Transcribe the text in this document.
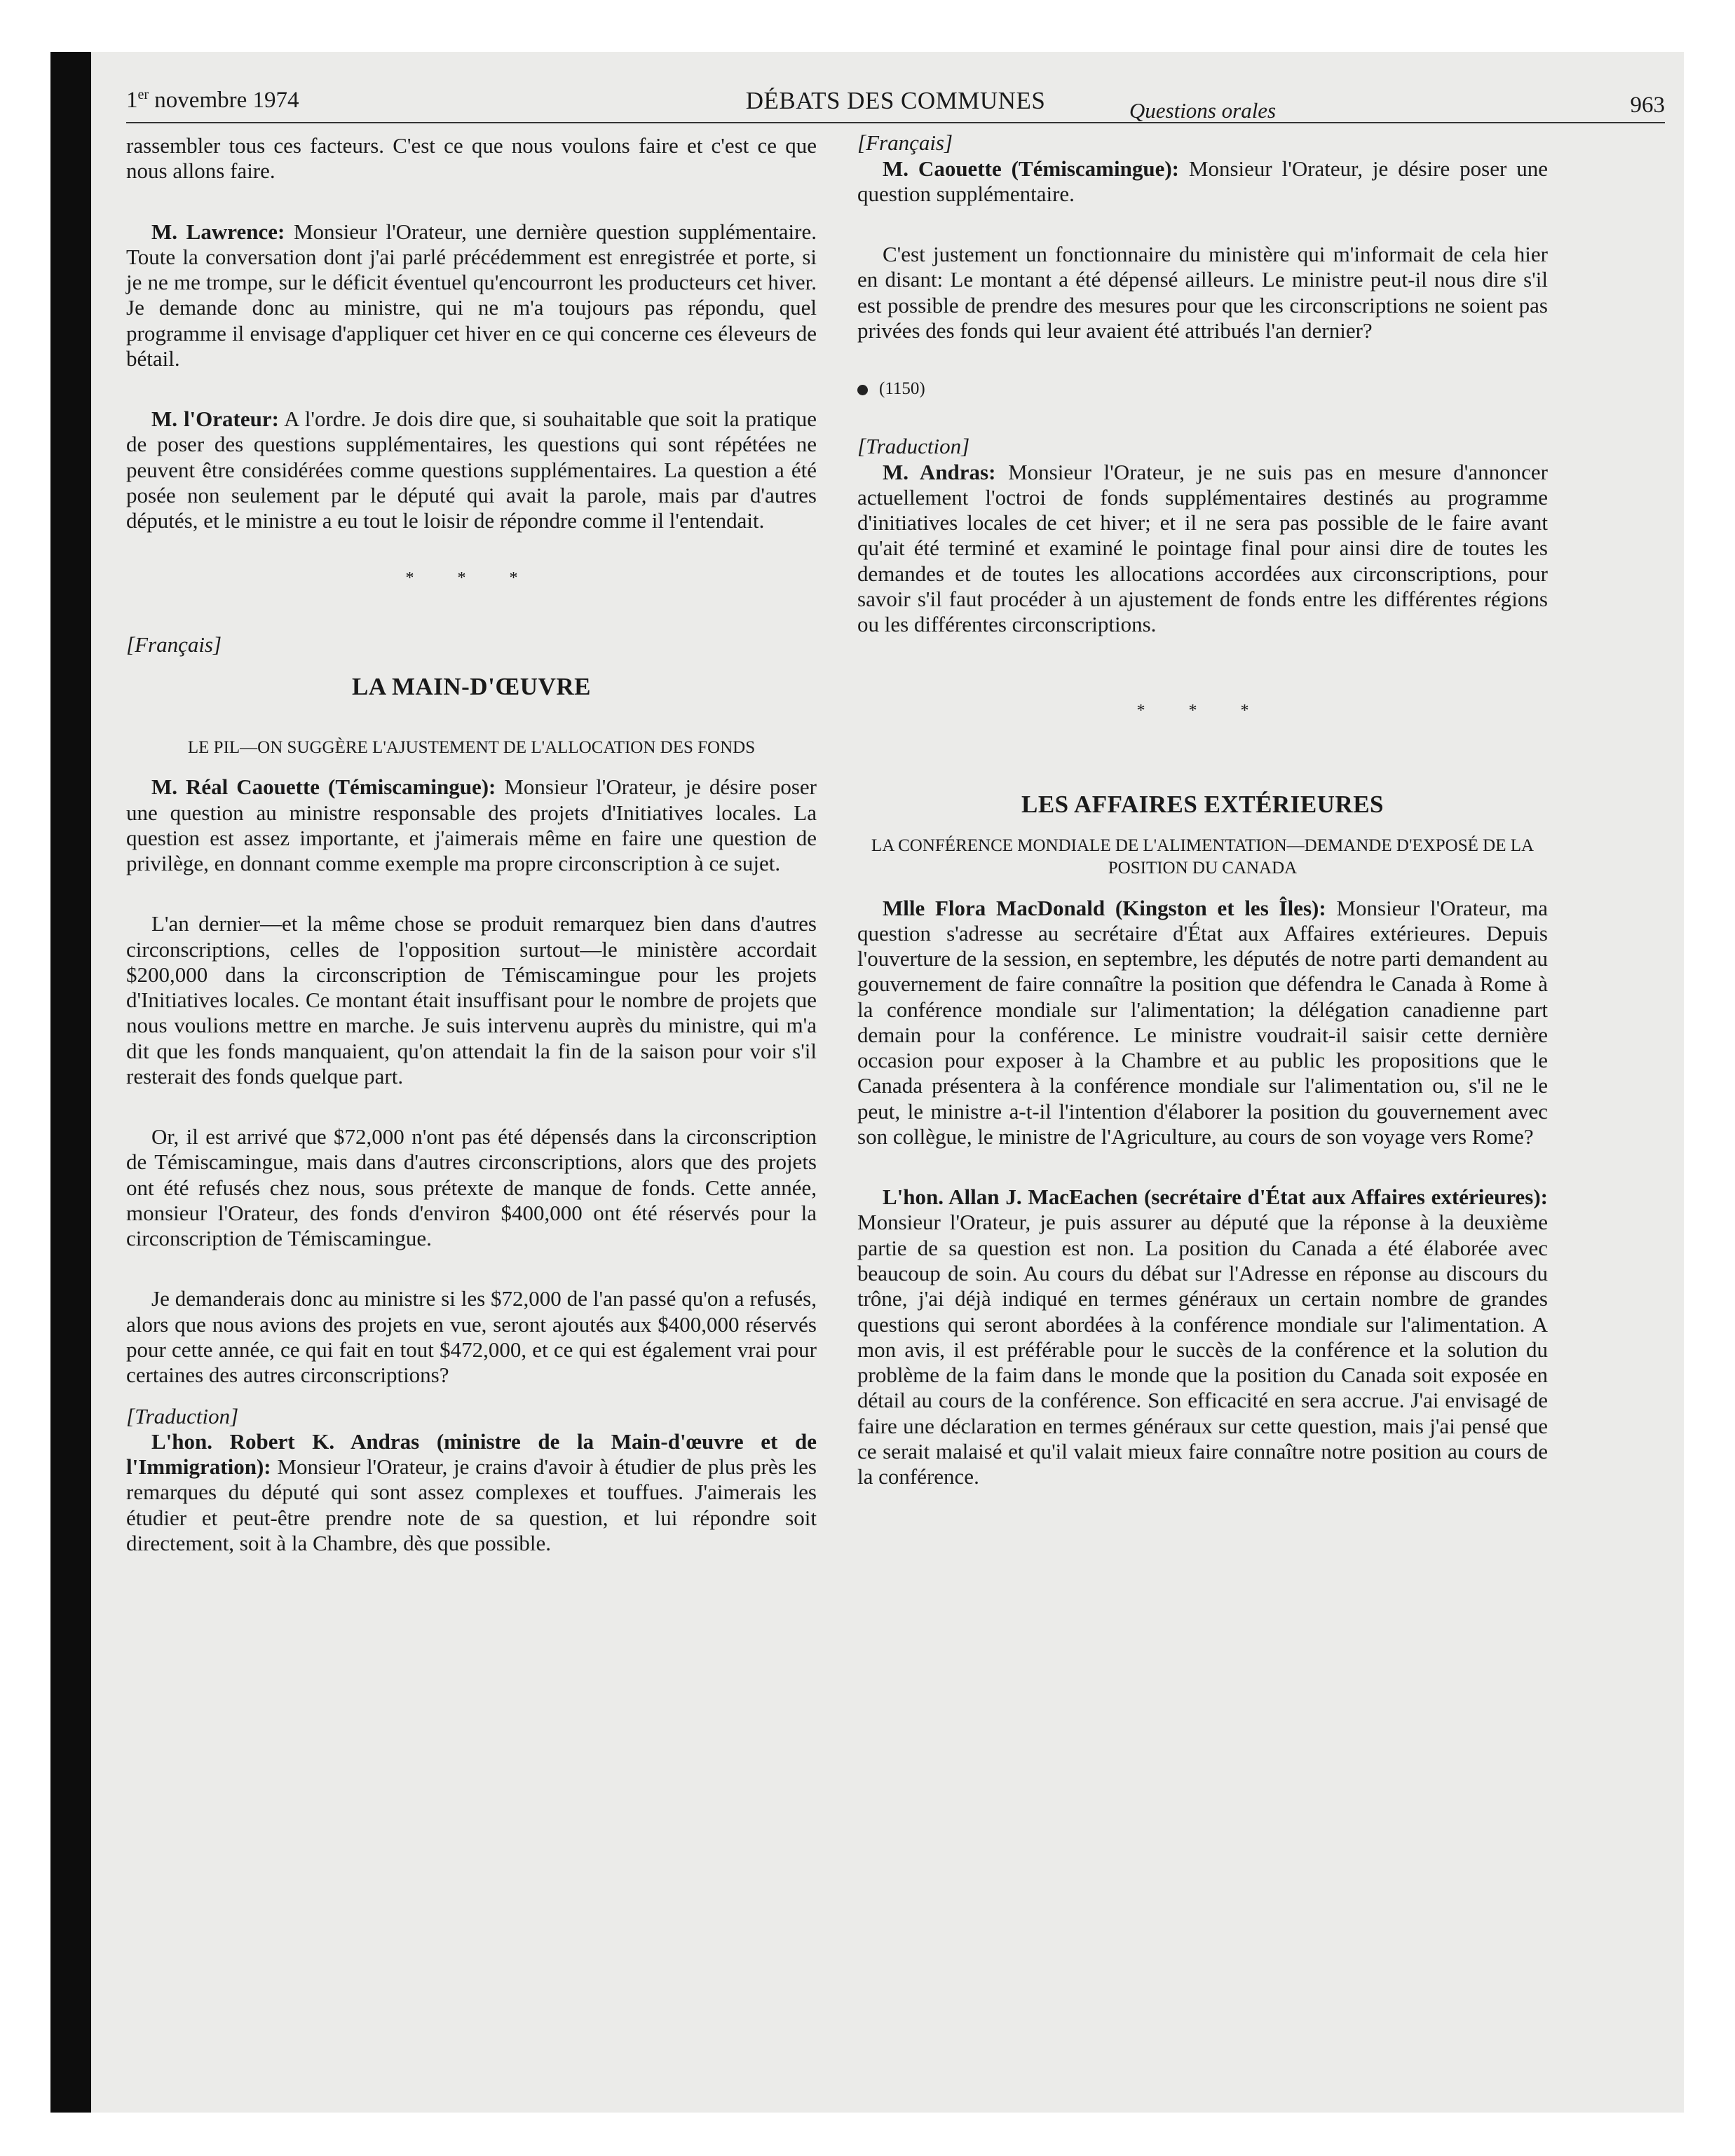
1er novembre 1974	DÉBATS DES COMMUNES	963

rassembler tous ces facteurs. C'est ce que nous voulons faire et c'est ce que nous allons faire.

M. Lawrence: Monsieur l'Orateur, une dernière question supplémentaire. Toute la conversation dont j'ai parlé précédemment est enregistrée et porte, si je ne me trompe, sur le déficit éventuel qu'encourront les producteurs cet hiver. Je demande donc au ministre, qui ne m'a toujours pas répondu, quel programme il envisage d'appliquer cet hiver en ce qui concerne ces éleveurs de bétail.

M. l'Orateur: A l'ordre. Je dois dire que, si souhaitable que soit la pratique de poser des questions supplémentaires, les questions qui sont répétées ne peuvent être considérées comme questions supplémentaires. La question a été posée non seulement par le député qui avait la parole, mais par d'autres députés, et le ministre a eu tout le loisir de répondre comme il l'entendait.

* * *

[Français]

LA MAIN-D'ŒUVRE

LE PIL—ON SUGGÈRE L'AJUSTEMENT DE L'ALLOCATION DES FONDS

M. Réal Caouette (Témiscamingue): Monsieur l'Orateur, je désire poser une question au ministre responsable des projets d'Initiatives locales. La question est assez importante, et j'aimerais même en faire une question de privilège, en donnant comme exemple ma propre circonscription à ce sujet.

L'an dernier—et la même chose se produit remarquez bien dans d'autres circonscriptions, celles de l'opposition surtout—le ministère accordait $200,000 dans la circonscription de Témiscamingue pour les projets d'Initiatives locales. Ce montant était insuffisant pour le nombre de projets que nous voulions mettre en marche. Je suis intervenu auprès du ministre, qui m'a dit que les fonds manquaient, qu'on attendait la fin de la saison pour voir s'il resterait des fonds quelque part.

Or, il est arrivé que $72,000 n'ont pas été dépensés dans la circonscription de Témiscamingue, mais dans d'autres circonscriptions, alors que des projets ont été refusés chez nous, sous prétexte de manque de fonds. Cette année, monsieur l'Orateur, des fonds d'environ $400,000 ont été réservés pour la circonscription de Témiscamingue.

Je demanderais donc au ministre si les $72,000 de l'an passé qu'on a refusés, alors que nous avions des projets en vue, seront ajoutés aux $400,000 réservés pour cette année, ce qui fait en tout $472,000, et ce qui est également vrai pour certaines des autres circonscriptions?

[Traduction]

L'hon. Robert K. Andras (ministre de la Main-d'œuvre et de l'Immigration): Monsieur l'Orateur, je crains d'avoir à étudier de plus près les remarques du député qui sont assez complexes et touffues. J'aimerais les étudier et peut-être prendre note de sa question, et lui répondre soit directement, soit à la Chambre, dès que possible.

Questions orales

[Français]

M. Caouette (Témiscamingue): Monsieur l'Orateur, je désire poser une question supplémentaire.

C'est justement un fonctionnaire du ministère qui m'informait de cela hier en disant: Le montant a été dépensé ailleurs. Le ministre peut-il nous dire s'il est possible de prendre des mesures pour que les circonscriptions ne soient pas privées des fonds qui leur avaient été attribués l'an dernier?

(1150)

[Traduction]

M. Andras: Monsieur l'Orateur, je ne suis pas en mesure d'annoncer actuellement l'octroi de fonds supplémentaires destinés au programme d'initiatives locales de cet hiver; et il ne sera pas possible de le faire avant qu'ait été terminé et examiné le pointage final pour ainsi dire de toutes les demandes et de toutes les allocations accordées aux circonscriptions, pour savoir s'il faut procéder à un ajustement de fonds entre les différentes régions ou les différentes circonscriptions.

* * *

LES AFFAIRES EXTÉRIEURES

LA CONFÉRENCE MONDIALE DE L'ALIMENTATION—DEMANDE D'EXPOSÉ DE LA POSITION DU CANADA

Mlle Flora MacDonald (Kingston et les Îles): Monsieur l'Orateur, ma question s'adresse au secrétaire d'État aux Affaires extérieures. Depuis l'ouverture de la session, en septembre, les députés de notre parti demandent au gouvernement de faire connaître la position que défendra le Canada à Rome à la conférence mondiale sur l'alimentation; la délégation canadienne part demain pour la conférence. Le ministre voudrait-il saisir cette dernière occasion pour exposer à la Chambre et au public les propositions que le Canada présentera à la conférence mondiale sur l'alimentation ou, s'il ne le peut, le ministre a-t-il l'intention d'élaborer la position du gouvernement avec son collègue, le ministre de l'Agriculture, au cours de son voyage vers Rome?

L'hon. Allan J. MacEachen (secrétaire d'État aux Affaires extérieures): Monsieur l'Orateur, je puis assurer au député que la réponse à la deuxième partie de sa question est non. La position du Canada a été élaborée avec beaucoup de soin. Au cours du débat sur l'Adresse en réponse au discours du trône, j'ai déjà indiqué en termes généraux un certain nombre de grandes questions qui seront abordées à la conférence mondiale sur l'alimentation. A mon avis, il est préférable pour le succès de la conférence et la solution du problème de la faim dans le monde que la position du Canada soit exposée en détail au cours de la conférence. Son efficacité en sera accrue. J'ai envisagé de faire une déclaration en termes généraux sur cette question, mais j'ai pensé que ce serait malaisé et qu'il valait mieux faire connaître notre position au cours de la conférence.
